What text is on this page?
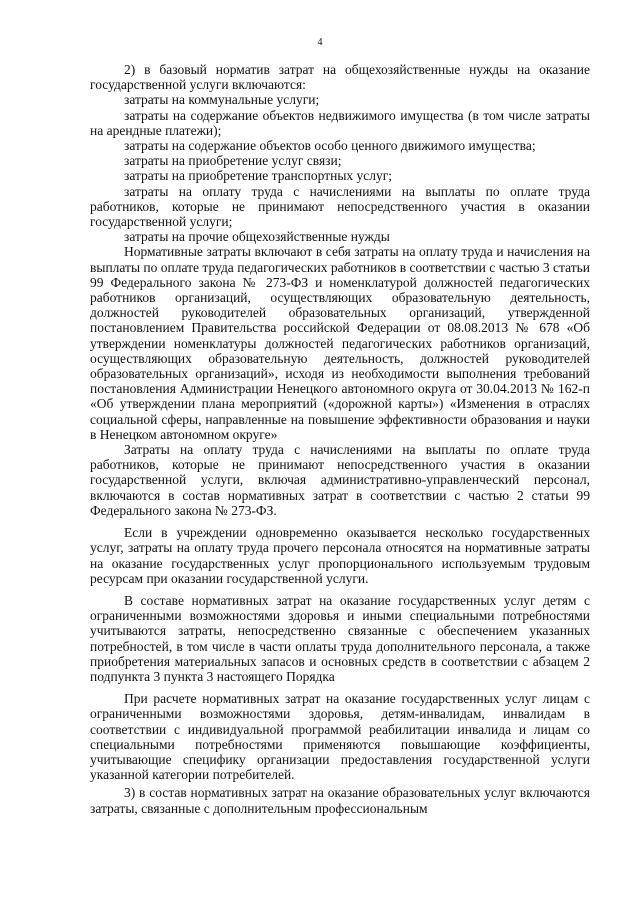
4

2) в базовый норматив затрат на общехозяйственные нужды на оказание государственной услуги включаются:

затраты на коммунальные услуги;

затраты на содержание объектов недвижимого имущества (в том числе затраты на арендные платежи);

затраты на содержание объектов особо ценного движимого имущества;

затраты на приобретение услуг связи;

затраты на приобретение транспортных услуг;

затраты на оплату труда с начислениями на выплаты по оплате труда работников, которые не принимают непосредственного участия в оказании государственной услуги;

затраты на прочие общехозяйственные нужды

Нормативные затраты включают в себя затраты на оплату труда и начисления на выплаты по оплате труда педагогических работников в соответствии с частью 3 статьи 99 Федерального закона № 273-ФЗ и номенклатурой должностей педагогических работников организаций, осуществляющих образовательную деятельность, должностей руководителей образовательных организаций, утвержденной постановлением Правительства российской Федерации от 08.08.2013 № 678 «Об утверждении номенклатуры должностей педагогических работников организаций, осуществляющих образовательную деятельность, должностей руководителей образовательных организаций», исходя из необходимости выполнения требований постановления Администрации Ненецкого автономного округа от 30.04.2013 № 162-п «Об утверждении плана мероприятий («дорожной карты») «Изменения в отраслях социальной сферы, направленные на повышение эффективности образования и науки в Ненецком автономном округе»

Затраты на оплату труда с начислениями на выплаты по оплате труда работников, которые не принимают непосредственного участия в оказании государственной услуги, включая административно-управленческий персонал, включаются в состав нормативных затрат в соответствии с частью 2 статьи 99 Федерального закона № 273-ФЗ.

Если в учреждении одновременно оказывается несколько государственных услуг, затраты на оплату труда прочего персонала относятся на нормативные затраты на оказание государственных услуг пропорционального используемым трудовым ресурсам при оказании государственной услуги.

В составе нормативных затрат на оказание государственных услуг детям с ограниченными возможностями здоровья и иными специальными потребностями учитываются затраты, непосредственно связанные с обеспечением указанных потребностей, в том числе в части оплаты труда дополнительного персонала, а также приобретения материальных запасов и основных средств в соответствии с абзацем 2 подпункта 3 пункта 3 настоящего Порядка

При расчете нормативных затрат на оказание государственных услуг лицам с ограниченными возможностями здоровья, детям-инвалидам, инвалидам в соответствии с индивидуальной программой реабилитации инвалида и лицам со специальными потребностями применяются повышающие коэффициенты, учитывающие специфику организации предоставления государственной услуги указанной категории потребителей.

3) в состав нормативных затрат на оказание образовательных услуг включаются затраты, связанные с дополнительным профессиональным
